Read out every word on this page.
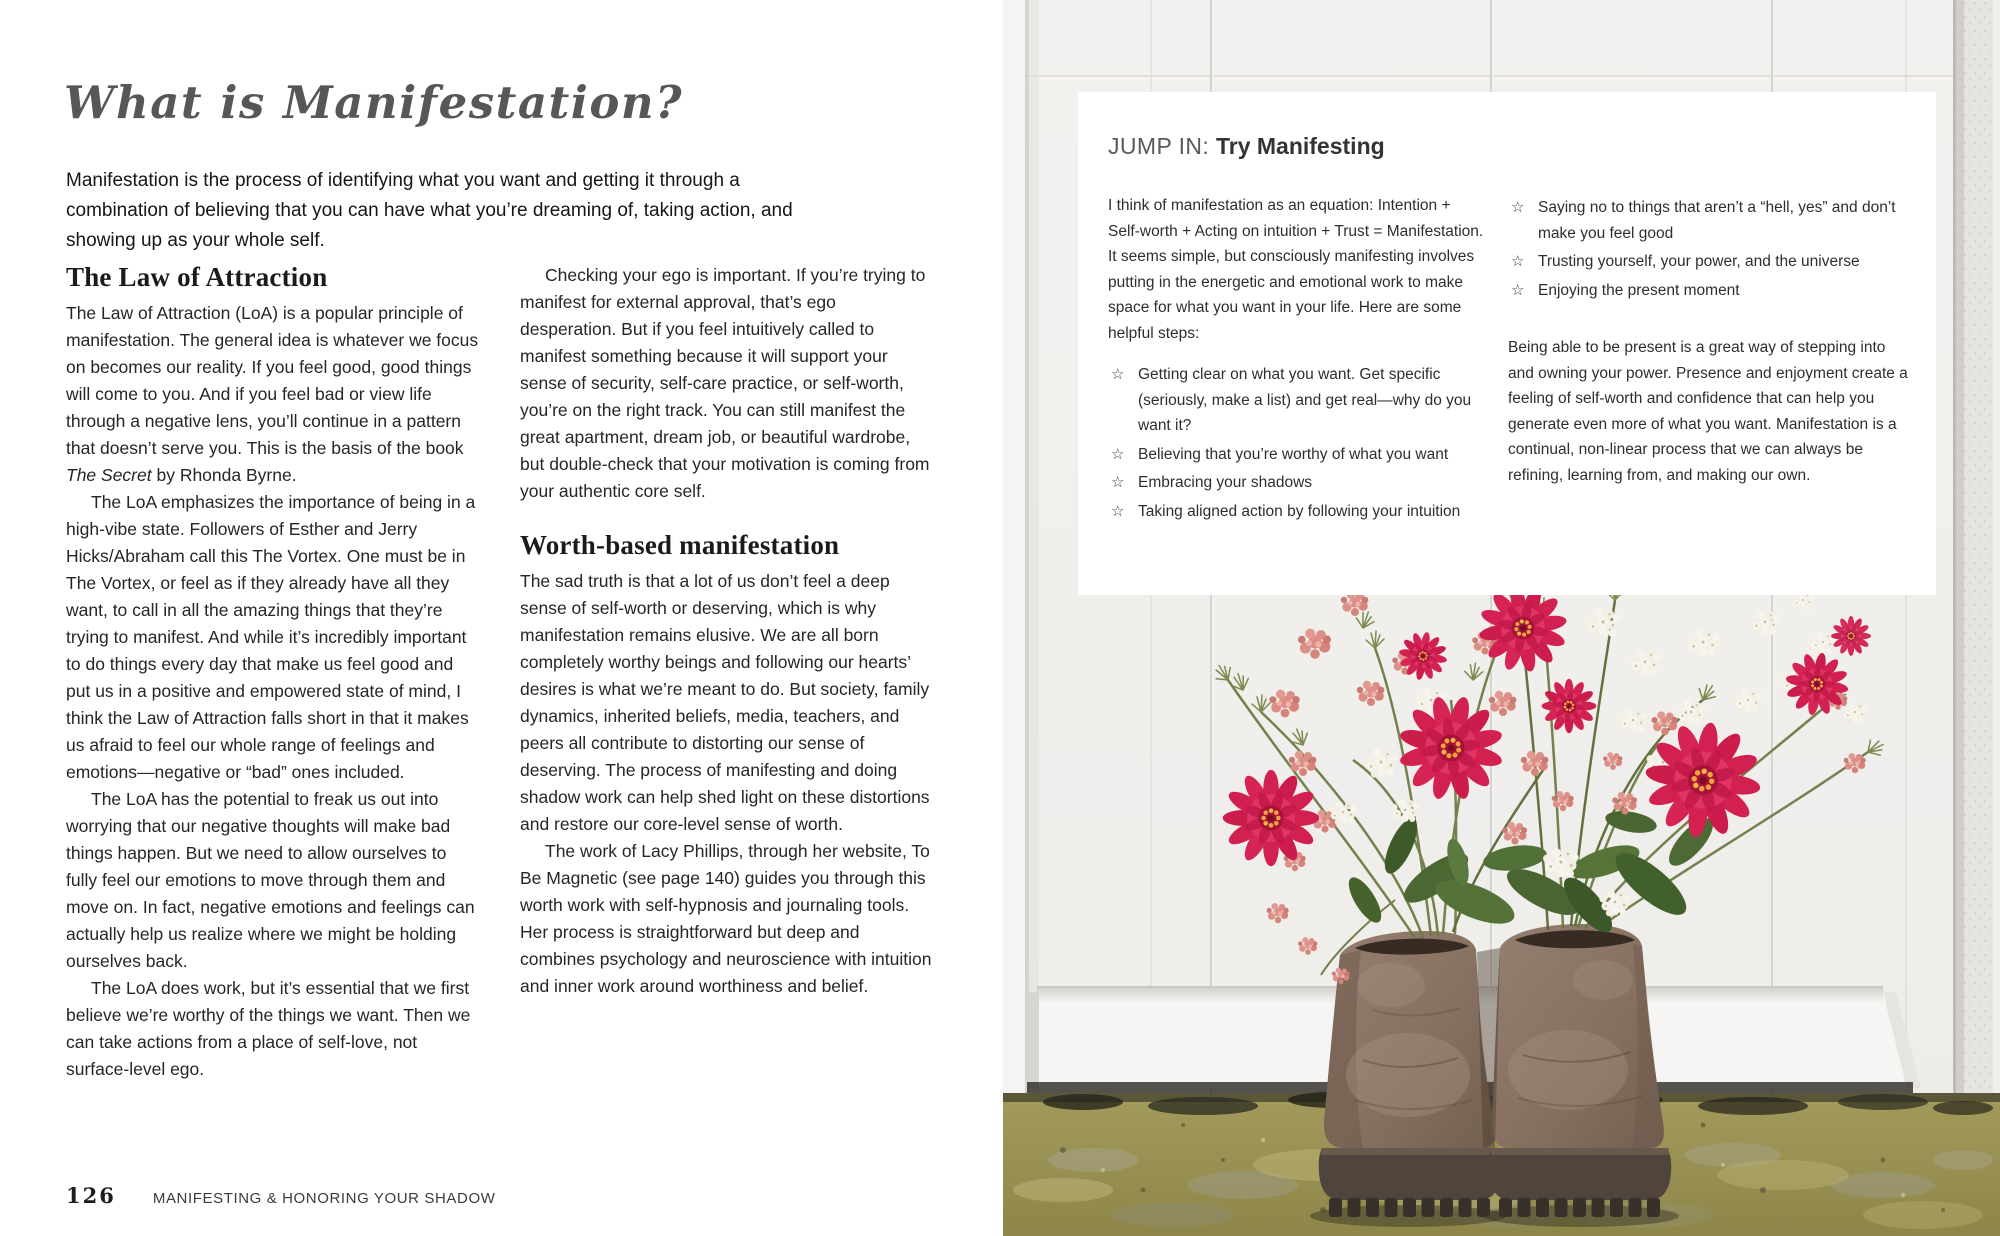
What is Manifestation?

Manifestation is the process of identifying what you want and getting it through a combination of believing that you can have what you’re dreaming of, taking action, and showing up as your whole self.

The Law of Attraction

The Law of Attraction (LoA) is a popular principle of manifestation. The general idea is whatever we focus on becomes our reality. If you feel good, good things will come to you. And if you feel bad or view life through a negative lens, you’ll continue in a pattern that doesn’t serve you. This is the basis of the book The Secret by Rhonda Byrne.

The LoA emphasizes the importance of being in a high-vibe state. Followers of Esther and Jerry Hicks/Abraham call this The Vortex. One must be in The Vortex, or feel as if they already have all they want, to call in all the amazing things that they’re trying to manifest. And while it’s incredibly important to do things every day that make us feel good and put us in a positive and empowered state of mind, I think the Law of Attraction falls short in that it makes us afraid to feel our whole range of feelings and emotions—negative or “bad” ones included.

The LoA has the potential to freak us out into worrying that our negative thoughts will make bad things happen. But we need to allow ourselves to fully feel our emotions to move through them and move on. In fact, negative emotions and feelings can actually help us realize where we might be holding ourselves back.

The LoA does work, but it’s essential that we first believe we’re worthy of the things we want. Then we can take actions from a place of self-love, not surface-level ego.

Checking your ego is important. If you’re trying to manifest for external approval, that’s ego desperation. But if you feel intuitively called to manifest something because it will support your sense of security, self-care practice, or self-worth, you’re on the right track. You can still manifest the great apartment, dream job, or beautiful wardrobe, but double-check that your motivation is coming from your authentic core self.

Worth-based manifestation

The sad truth is that a lot of us don’t feel a deep sense of self-worth or deserving, which is why manifestation remains elusive. We are all born completely worthy beings and following our hearts’ desires is what we’re meant to do. But society, family dynamics, inherited beliefs, media, teachers, and peers all contribute to distorting our sense of deserving. The process of manifesting and doing shadow work can help shed light on these distortions and restore our core-level sense of worth.

The work of Lacy Phillips, through her website, To Be Magnetic (see page 140) guides you through this worth work with self-hypnosis and journaling tools. Her process is straightforward but deep and combines psychology and neuroscience with intuition and inner work around worthiness and belief.

126 MANIFESTING & HONORING YOUR SHADOW
JUMP IN: Try Manifesting

I think of manifestation as an equation: Intention + Self-worth + Acting on intuition + Trust = Manifestation. It seems simple, but consciously manifesting involves putting in the energetic and emotional work to make space for what you want in your life. Here are some helpful steps:

☆ Getting clear on what you want. Get specific (seriously, make a list) and get real—why do you want it?
☆ Believing that you’re worthy of what you want
☆ Embracing your shadows
☆ Taking aligned action by following your intuition
☆ Saying no to things that aren’t a “hell, yes” and don’t make you feel good
☆ Trusting yourself, your power, and the universe
☆ Enjoying the present moment

Being able to be present is a great way of stepping into and owning your power. Presence and enjoyment create a feeling of self-worth and confidence that can help you generate even more of what you want. Manifestation is a continual, non-linear process that we can always be refining, learning from, and making our own.
